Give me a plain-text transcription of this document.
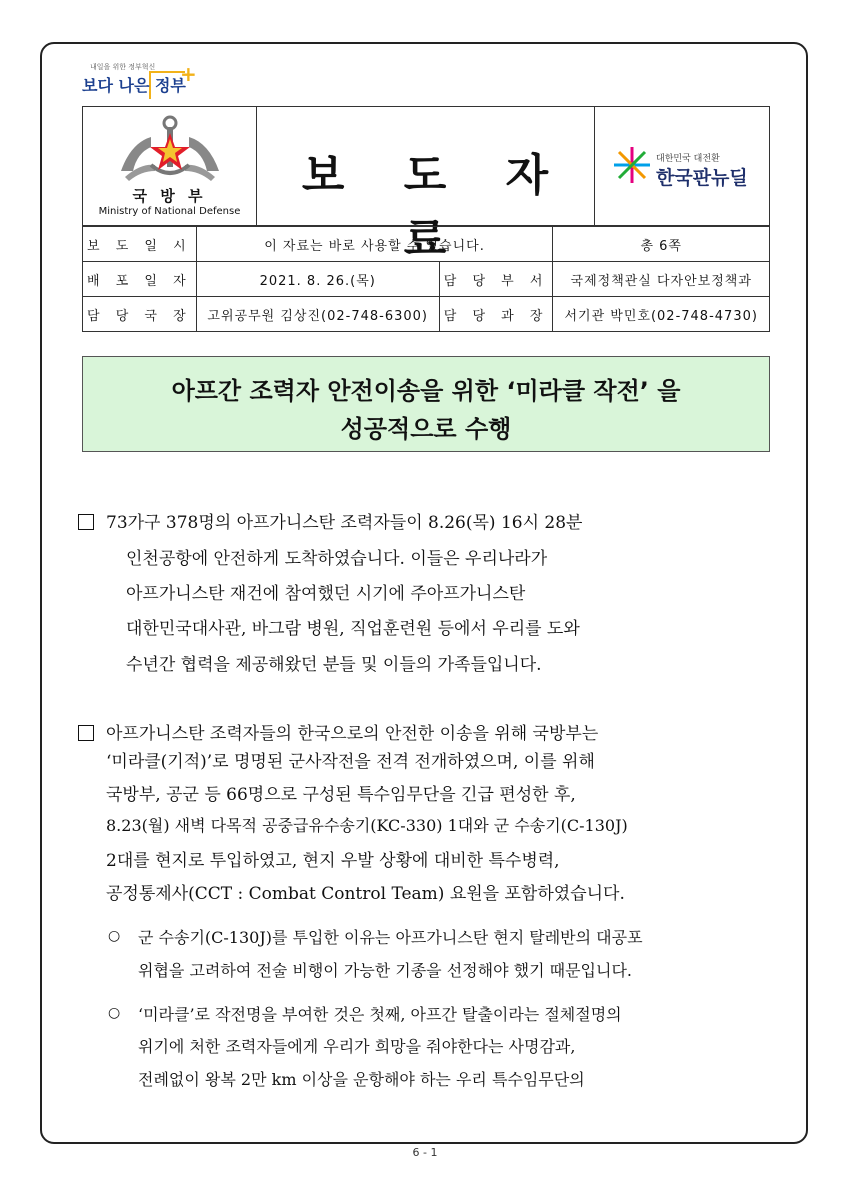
내일을 위한 정부혁신
보다 나은 정부
+
국 방 부
Ministry of National Defense
보 도 자 료
대한민국 대전환
한국판뉴딜
보 도 일 시	이 자료는 바로 사용할 수 있습니다.		총 6쪽
배 포 일 자	2021. 8. 26.(목)	담 당 부 서	국제정책관실 다자안보정책과
담 당 국 장	고위공무원 김상진(02-748-6300)	담 당 과 장	서기관 박민호(02-748-4730)
아프간 조력자 안전이송을 위한 ‘미라클 작전’ 을
성공적으로 수행
73가구 378명의 아프가니스탄 조력자들이 8.26(목) 16시 28분
인천공항에 안전하게 도착하였습니다. 이들은 우리나라가
아프가니스탄 재건에 참여했던 시기에 주아프가니스탄
대한민국대사관, 바그람 병원, 직업훈련원 등에서 우리를 도와
수년간 협력을 제공해왔던 분들 및 이들의 가족들입니다.
아프가니스탄 조력자들의 한국으로의 안전한 이송을 위해 국방부는
‘미라클(기적)’로 명명된 군사작전을 전격 전개하였으며, 이를 위해
국방부, 공군 등 66명으로 구성된 특수임무단을 긴급 편성한 후,
8.23(월) 새벽 다목적 공중급유수송기(KC-330) 1대와 군 수송기(C-130J)
2대를 현지로 투입하였고, 현지 우발 상황에 대비한 특수병력,
공정통제사(CCT : Combat Control Team) 요원을 포함하였습니다.
○ 군 수송기(C-130J)를 투입한 이유는 아프가니스탄 현지 탈레반의 대공포
위협을 고려하여 전술 비행이 가능한 기종을 선정해야 했기 때문입니다.
○ ‘미라클’로 작전명을 부여한 것은 첫째, 아프간 탈출이라는 절체절명의
위기에 처한 조력자들에게 우리가 희망을 줘야한다는 사명감과,
전례없이 왕복 2만 km 이상을 운항해야 하는 우리 특수임무단의
6 - 1
